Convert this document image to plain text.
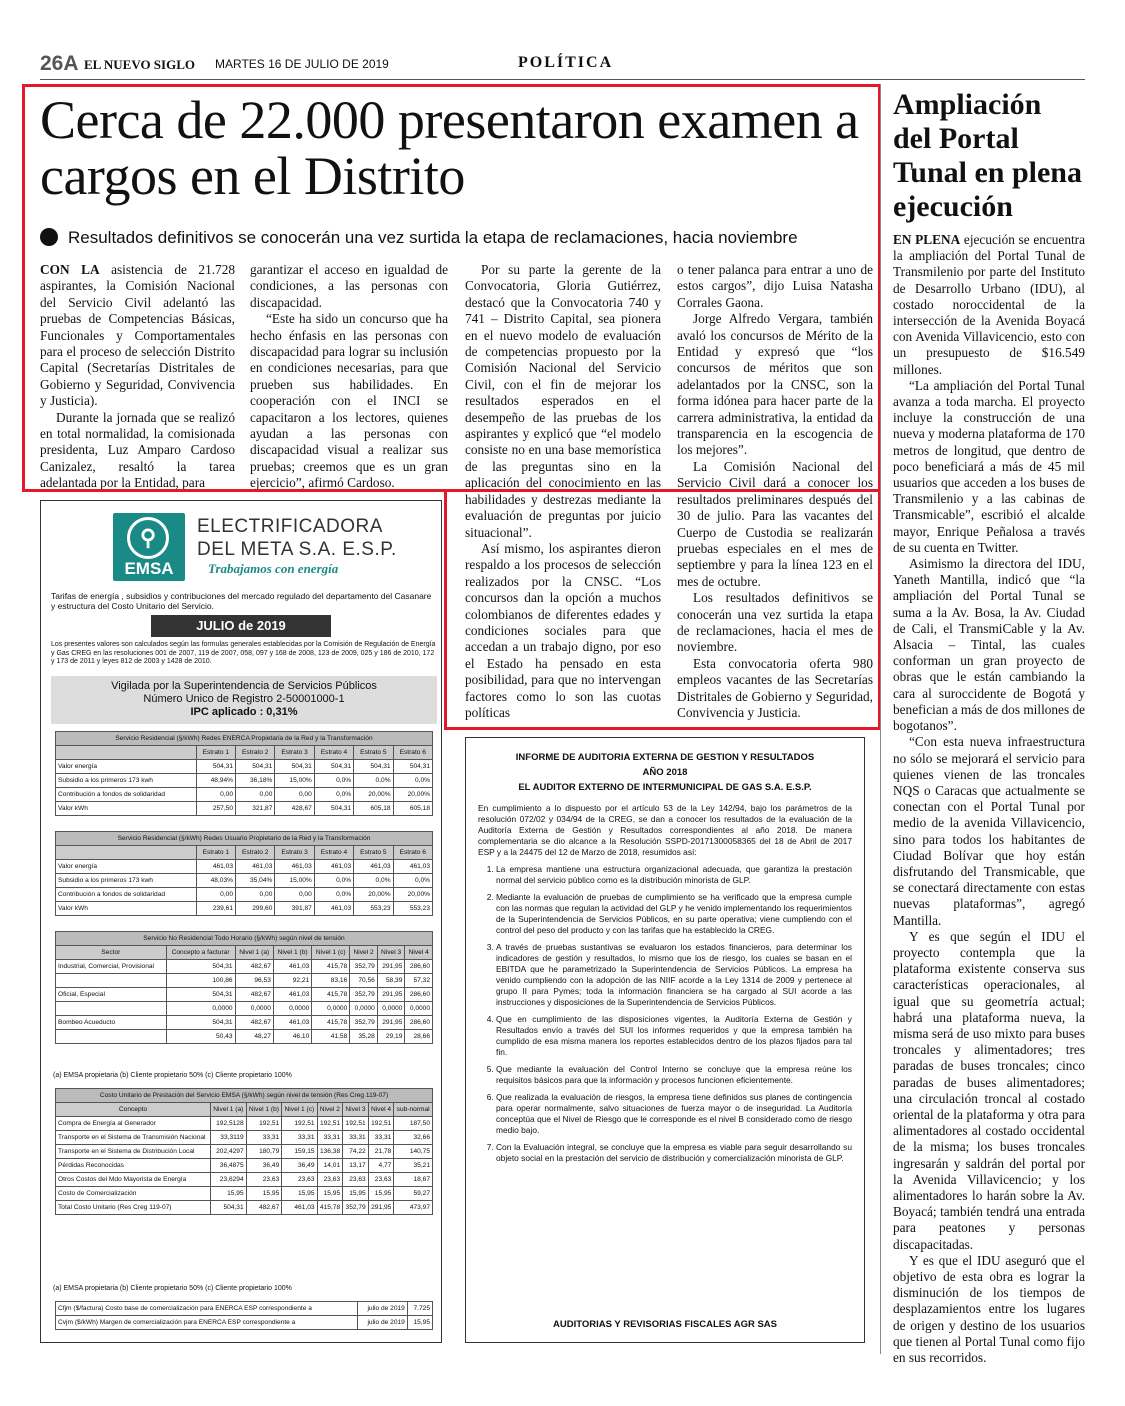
26A EL NUEVO SIGLO MARTES 16 DE JULIO DE 2019	POLÍTICA
Cerca de 22.000 presentaron examen a cargos en el Distrito
Resultados definitivos se conocerán una vez surtida la etapa de reclamaciones, hacia noviembre

CON LA asistencia de 21.728 aspirantes, la Comisión Nacional del Servicio Civil adelantó las pruebas de Competencias Básicas, Funcionales y Comportamentales para el proceso de selección Distrito Capital (Secretarías Distritales de Gobierno y Seguridad, Convivencia y Justicia).

Durante la jornada que se realizó en total normalidad, la comisionada presidenta, Luz Amparo Cardoso Canizalez, resaltó la tarea adelantada por la Entidad, para

garantizar el acceso en igualdad de condiciones, a las personas con discapacidad.

“Este ha sido un concurso que ha hecho énfasis en las personas con discapacidad para lograr su inclusión en condiciones necesarias, para que prueben sus habilidades. En cooperación con el INCI se capacitaron a los lectores, quienes ayudan a las personas con discapacidad visual a realizar sus pruebas; creemos que es un gran ejercicio”, afirmó Cardoso.

Por su parte la gerente de la Convocatoria, Gloria Gutiérrez, destacó que la Convocatoria 740 y 741 – Distrito Capital, sea pionera en el nuevo modelo de evaluación de competencias propuesto por la Comisión Nacional del Servicio Civil, con el fin de mejorar los resultados esperados en el desempeño de las pruebas de los aspirantes y explicó que “el modelo consiste no en una base memorística de las preguntas sino en la aplicación del conocimiento en las habilidades y destrezas mediante la evaluación de preguntas por juicio situacional”.

Así mismo, los aspirantes dieron respaldo a los procesos de selección realizados por la CNSC. “Los concursos dan la opción a muchos colombianos de diferentes edades y condiciones sociales para que accedan a un trabajo digno, por eso el Estado ha pensado en esta posibilidad, para que no intervengan factores como lo son las cuotas políticas

o tener palanca para entrar a uno de estos cargos”, dijo Luisa Natasha Corrales Gaona.

Jorge Alfredo Vergara, también avaló los concursos de Mérito de la Entidad y expresó que “los concursos de méritos que son adelantados por la CNSC, son la forma idónea para hacer parte de la carrera administrativa, la entidad da transparencia en la escogencia de los mejores”.

La Comisión Nacional del Servicio Civil dará a conocer los resultados preliminares después del 30 de julio. Para las vacantes del Cuerpo de Custodia se realizarán pruebas especiales en el mes de septiembre y para la línea 123 en el mes de octubre.

Los resultados definitivos se conocerán una vez surtida la etapa de reclamaciones, hacia el mes de noviembre.

Esta convocatoria oferta 980 empleos vacantes de las Secretarías Distritales de Gobierno y Seguridad, Convivencia y Justicia.

⚲
EMSA
ELECTRIFICADORA
DEL META S.A. E.S.P.
Trabajamos con energía
Tarifas de energía , subsidios y contribuciones del mercado regulado del departamento del Casanare y estructura del Costo Unitario del Servicio.
JULIO de 2019
Los presentes valores son calculados según las formulas generales establecidas por la Comisión de Regulación de Energía y Gas CREG en las resoluciones 001 de 2007, 119 de 2007, 058, 097 y 168 de 2008, 123 de 2009, 025 y 186 de 2010, 172 y 173 de 2011 y leyes 812 de 2003 y 1428 de 2010.
Vigilada por la Superintendencia de Servicios Públicos
Número Unico de Registro 2-50001000-1
IPC aplicado : 0,31%
Servicio Residencial (§/kWh) Redes ENERCA Propietaria de la Red y la Transformación						
	Estrato 1	Estrato 2	Estrato 3	Estrato 4	Estrato 5	Estrato 6
Valor energía	504,31	504,31	504,31	504,31	504,31	504,31
Subsidio a los primeros 173 kwh	48,94%	36,18%	15,00%	0,0%	0,0%	0,0%
Contribución a fondos de solidaridad	0,00	0,00	0,00	0,0%	20,00%	20,00%
Valor kWh	257,50	321,87	428,67	504,31	605,18	605,18
Servicio Residencial (§/kWh) Redes Usuario Propietario de la Red y la Transformación						
	Estrato 1	Estrato 2	Estrato 3	Estrato 4	Estrato 5	Estrato 6
Valor energía	461,03	461,03	461,03	461,03	461,03	461,03
Subsidio a los primeros 173 kwh	48,03%	35,04%	15,00%	0,0%	0,0%	0,0%
Contribución a fondos de solidaridad	0,00	0,00	0,00	0,0%	20,00%	20,00%
Valor kWh	239,61	299,60	391,87	461,03	553,23	553,23
Servicio No Residencial Todo Horario (§/kWh) según nivel de tensión							
Sector	Concepto a facturar	Nivel 1 (a)	Nivel 1 (b)	Nivel 1 (c)	Nivel 2	Nivel 3	Nivel 4
Industrial, Comercial, Provisional	504,31	482,67	461,03	415,78	352,79	291,95	286,60
	100,86	96,53	92,21	83,16	70,56	58,39	57,32
Oficial, Especial	504,31	482,67	461,03	415,78	352,79	291,95	286,60
	0,0000	0,0000	0,0000	0,0000	0,0000	0,0000	0,0000
Bombeo Acueducto	504,31	482,67	461,03	415,78	352,79	291,95	286,60
	50,43	48,27	46,10	41,58	35,28	29,19	28,66
(a) EMSA propietaria (b) Cliente propietario 50% (c) Cliente propietario 100%
Costo Unitario de Prestación del Servicio EMSA (§/kWh) según nivel de tensión (Res Creg 119-07)							
Concepto	Nivel 1 (a)	Nivel 1 (b)	Nivel 1 (c)	Nivel 2	Nivel 3	Nivel 4	sub-normal
Compra de Energía al Generador	192,5128	192,51	192,51	192,51	192,51	192,51	187,50
Transporte en el Sistema de Transmisión Nacional	33,3119	33,31	33,31	33,31	33,31	33,31	32,66
Transporte en el Sistema de Distribución Local	202,4297	180,79	159,15	136,38	74,22	21,78	140,75
Pérdidas Reconocidas	36,4875	36,49	36,49	14,01	13,17	4,77	35,21
Otros Costos del Mdo Mayorista de Energía	23,6294	23,63	23,63	23,63	23,63	23,63	18,67
Costo de Comercialización	15,95	15,95	15,95	15,95	15,95	15,95	59,27
Total Costo Unitario (Res Creg 119-07)	504,31	482,67	461,03	415,78	352,79	291,95	473,97
(a) EMSA propietaria (b) Cliente propietario 50% (c) Cliente propietario 100%
Cfjm ($/factura) Costo base de comercialización para ENERCA ESP correspondiente a	julio de 2019	7.725
Cvjm ($/kWh) Margen de comercialización para ENERCA ESP correspondiente a	julio de 2019	15,95
INFORME DE AUDITORIA EXTERNA DE GESTION Y RESULTADOS
AÑO 2018
EL AUDITOR EXTERNO DE INTERMUNICIPAL DE GAS S.A. E.S.P.
En cumplimiento a lo dispuesto por el artículo 53 de la Ley 142/94, bajo los parámetros de la resolución 072/02 y 034/94 de la CREG, se dan a conocer los resultados de la evaluación de la Auditoría Externa de Gestión y Resultados correspondientes al año 2018. De manera complementaria se dio alcance a la Resolución SSPD-20171300058365 del 18 de Abril de 2017 ESP y a la 24475 del 12 de Marzo de 2018, resumidos así:
1. La empresa mantiene una estructura organizacional adecuada, que garantiza la prestación normal del servicio público como es la distribución minorista de GLP.
2. Mediante la evaluación de pruebas de cumplimiento se ha verificado que la empresa cumple con las normas que regulan la actividad del GLP y he venido implementando los requerimientos de la Superintendencia de Servicios Públicos, en su parte operativa; viene cumpliendo con el control del peso del producto y con las tarifas que ha establecido la CREG.
3. A través de pruebas sustantivas se evaluaron los estados financieros, para determinar los indicadores de gestión y resultados, lo mismo que los de riesgo, los cuales se basan en el EBITDA que he parametrizado la Superintendencia de Servicios Públicos. La empresa ha venido cumpliendo con la adopción de las NIIF acorde a la Ley 1314 de 2009 y pertenece al grupo II para Pymes; toda la información financiera se ha cargado al SUI acorde a las instrucciones y disposiciones de la Superintendencia de Servicios Públicos.
4. Que en cumplimiento de las disposiciones vigentes, la Auditoría Externa de Gestión y Resultados envío a través del SUI los informes requeridos y que la empresa también ha cumplido de esa misma manera los reportes establecidos dentro de los plazos fijados para tal fin.
5. Que mediante la evaluación del Control Interno se concluye que la empresa reúne los requisitos básicos para que la información y procesos funcionen eficientemente.
6. Que realizada la evaluación de riesgos, la empresa tiene definidos sus planes de contingencia para operar normalmente, salvo situaciones de fuerza mayor o de inseguridad. La Auditoría conceptúa que el Nivel de Riesgo que le corresponde es el nivel B considerado como de riesgo medio bajo.
7. Con la Evaluación integral, se concluye que la empresa es viable para seguir desarrollando su objeto social en la prestación del servicio de distribución y comercialización minorista de GLP.
AUDITORIAS Y REVISORIAS FISCALES AGR SAS
Ampliación del Portal Tunal en plena ejecución

EN PLENA ejecución se encuentra la ampliación del Portal Tunal de Transmilenio por parte del Instituto de Desarrollo Urbano (IDU), al costado noroccidental de la intersección de la Avenida Boyacá con Avenida Villavicencio, esto con un presupuesto de $16.549 millones.

“La ampliación del Portal Tunal avanza a toda marcha. El proyecto incluye la construcción de una nueva y moderna plataforma de 170 metros de longitud, que dentro de poco beneficiará a más de 45 mil usuarios que acceden a los buses de Transmilenio y a las cabinas de Transmicable”, escribió el alcalde mayor, Enrique Peñalosa a través de su cuenta en Twitter.

Asimismo la directora del IDU, Yaneth Mantilla, indicó que “la ampliación del Portal Tunal se suma a la Av. Bosa, la Av. Ciudad de Cali, el TransmiCable y la Av. Alsacia – Tintal, las cuales conforman un gran proyecto de obras que le están cambiando la cara al suroccidente de Bogotá y benefician a más de dos millones de bogotanos”.

“Con esta nueva infraestructura no sólo se mejorará el servicio para quienes vienen de las troncales NQS o Caracas que actualmente se conectan con el Portal Tunal por medio de la avenida Villavicencio, sino para todos los habitantes de Ciudad Bolívar que hoy están disfrutando del Transmicable, que se conectará directamente con estas nuevas plataformas”, agregó Mantilla.

Y es que según el IDU el proyecto contempla que la plataforma existente conserva sus características operacionales, al igual que su geometría actual; habrá una plataforma nueva, la misma será de uso mixto para buses troncales y alimentadores; tres paradas de buses troncales; cinco paradas de buses alimentadores; una circulación troncal al costado oriental de la plataforma y otra para alimentadores al costado occidental de la misma; los buses troncales ingresarán y saldrán del portal por la Avenida Villavicencio; y los alimentadores lo harán sobre la Av. Boyacá; también tendrá una entrada para peatones y personas discapacitadas.

Y es que el IDU aseguró que el objetivo de esta obra es lograr la disminución de los tiempos de desplazamientos entre los lugares de origen y destino de los usuarios que tienen al Portal Tunal como fijo en sus recorridos.
